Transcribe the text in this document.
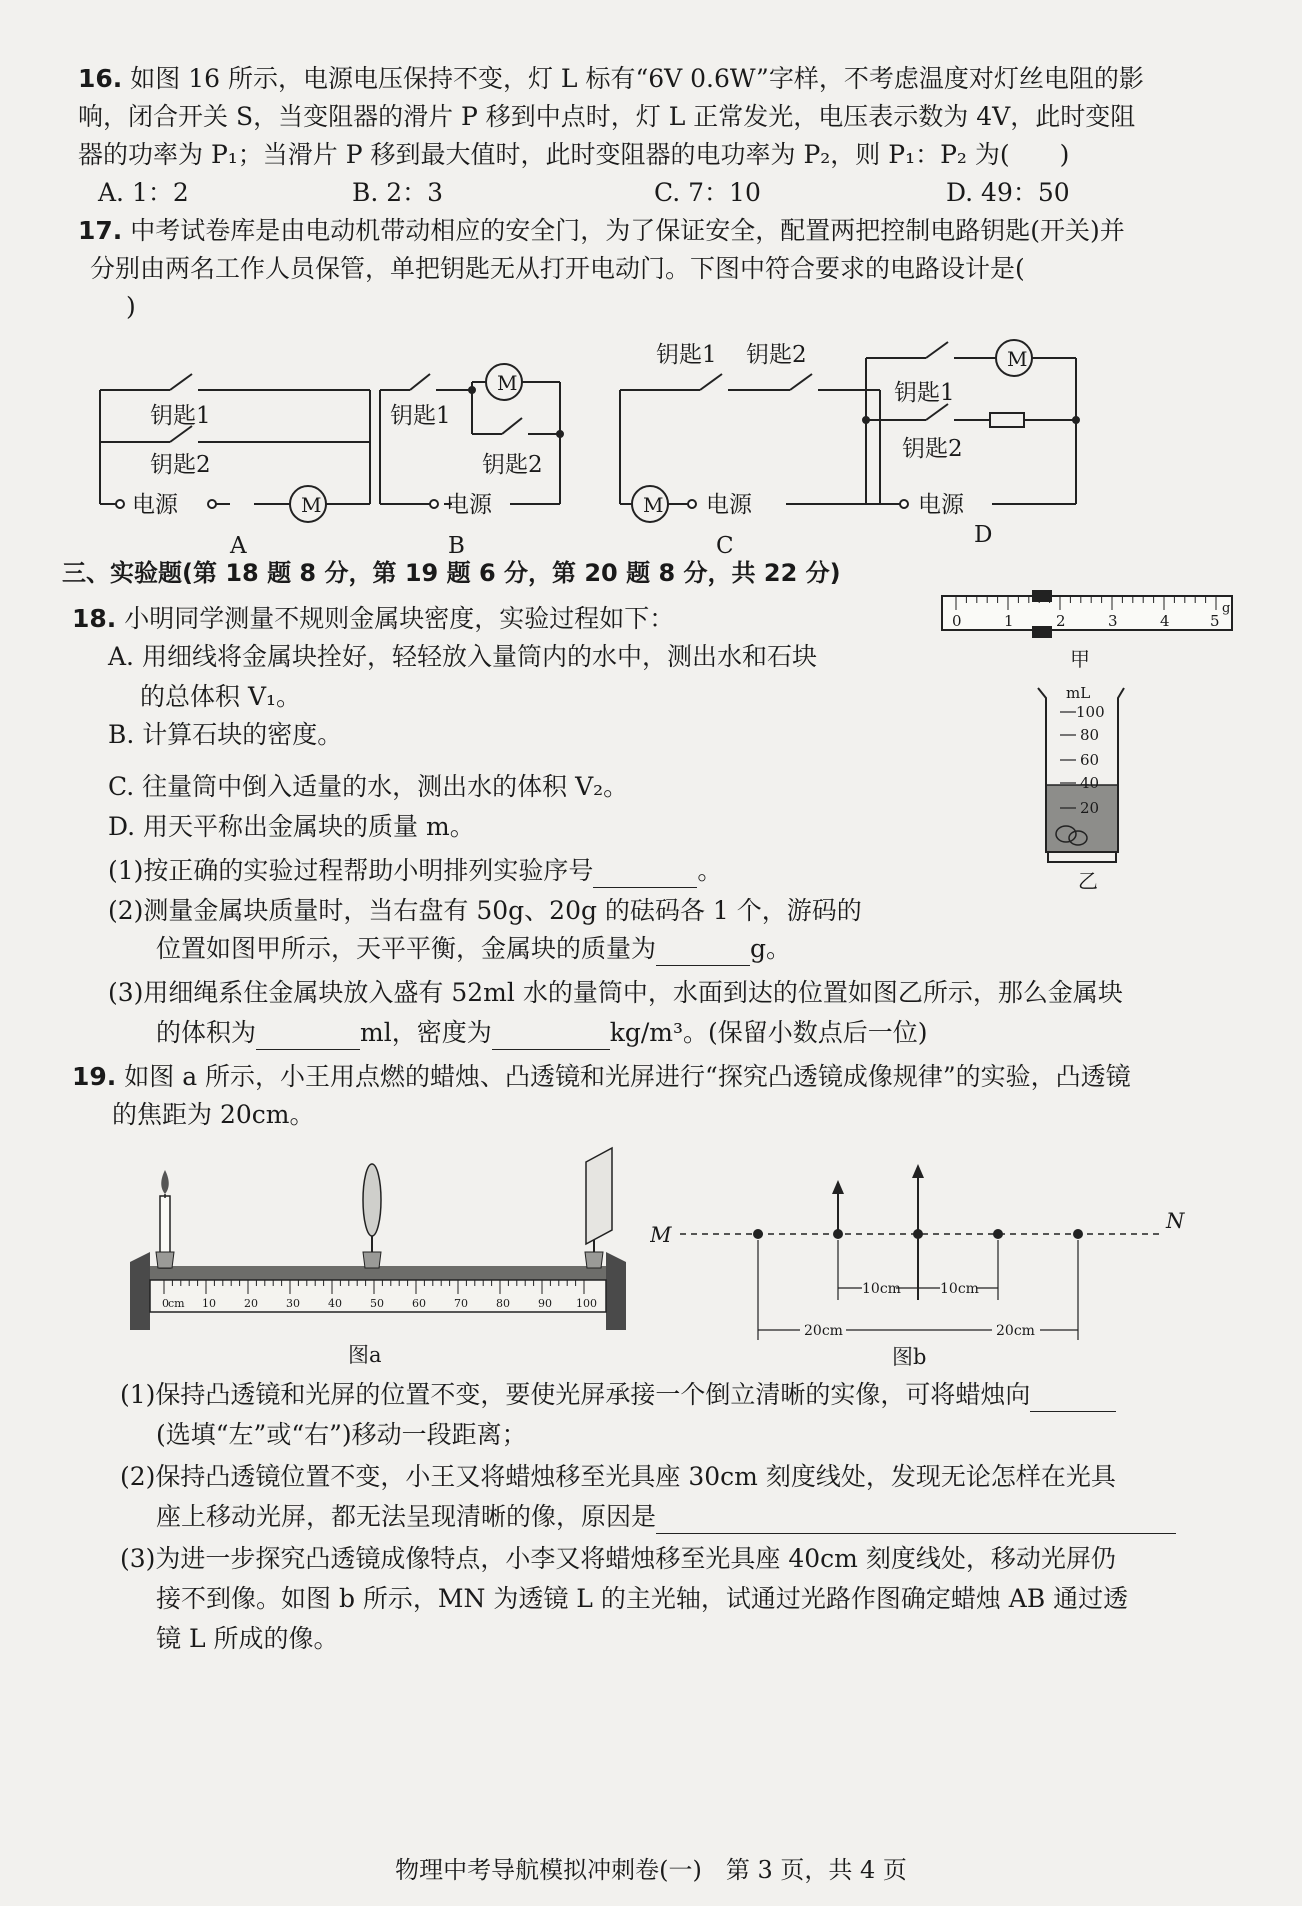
16. 如图 16 所示，电源电压保持不变，灯 L 标有“6V 0.6W”字样，不考虑温度对灯丝电阻的影
响，闭合开关 S，当变阻器的滑片 P 移到中点时，灯 L 正常发光，电压表示数为 4V，此时变阻
器的功率为 P₁；当滑片 P 移到最大值时，此时变阻器的电功率为 P₂，则 P₁：P₂ 为(　　)
A. 1：2	B. 2：3	C. 7：10	D. 49：50
17. 中考试卷库是由电动机带动相应的安全门，为了保证安全，配置两把控制电路钥匙(开关)并
分别由两名工作人员保管，单把钥匙无从打开电动门。下图中符合要求的电路设计是(
)
钥匙1
钥匙2
电源	M
A
钥匙1
钥匙2
电源
M
B
钥匙1 钥匙2
电源
M
C
钥匙1
钥匙2
电源
M
D
三、实验题(第 18 题 8 分，第 19 题 6 分，第 20 题 8 分，共 22 分)
18. 小明同学测量不规则金属块密度，实验过程如下：
A. 用细线将金属块拴好，轻轻放入量筒内的水中，测出水和石块
的总体积 V₁。
B. 计算石块的密度。
C. 往量筒中倒入适量的水，测出水的体积 V₂。
D. 用天平称出金属块的质量 m。
(1)按正确的实验过程帮助小明排列实验序号	。
(2)测量金属块质量时，当右盘有 50g、20g 的砝码各 1 个，游码的
位置如图甲所示，天平平衡，金属块的质量为	g。
(3)用细绳系住金属块放入盛有 52ml 水的量筒中，水面到达的位置如图乙所示，那么金属块
的体积为	ml，密度为	kg/m³。(保留小数点后一位)
0	1	2	3	4	5
g
甲
mL
100
80
60
40
20
乙
19. 如图 a 所示，小王用点燃的蜡烛、凸透镜和光屏进行“探究凸透镜成像规律”的实验，凸透镜
的焦距为 20cm。
0 cm 10	20	30	40	50	60	70	80	90 100
图a
M
N
10cm	10cm
20cm	20cm
图b
(1)保持凸透镜和光屏的位置不变，要使光屏承接一个倒立清晰的实像，可将蜡烛向
(选填“左”或“右”)移动一段距离；
(2)保持凸透镜位置不变，小王又将蜡烛移至光具座 30cm 刻度线处，发现无论怎样在光具
座上移动光屏，都无法呈现清晰的像，原因是
(3)为进一步探究凸透镜成像特点，小李又将蜡烛移至光具座 40cm 刻度线处，移动光屏仍
接不到像。如图 b 所示，MN 为透镜 L 的主光轴，试通过光路作图确定蜡烛 AB 通过透
镜 L 所成的像。
物理中考导航模拟冲刺卷(一)　第 3 页，共 4 页
